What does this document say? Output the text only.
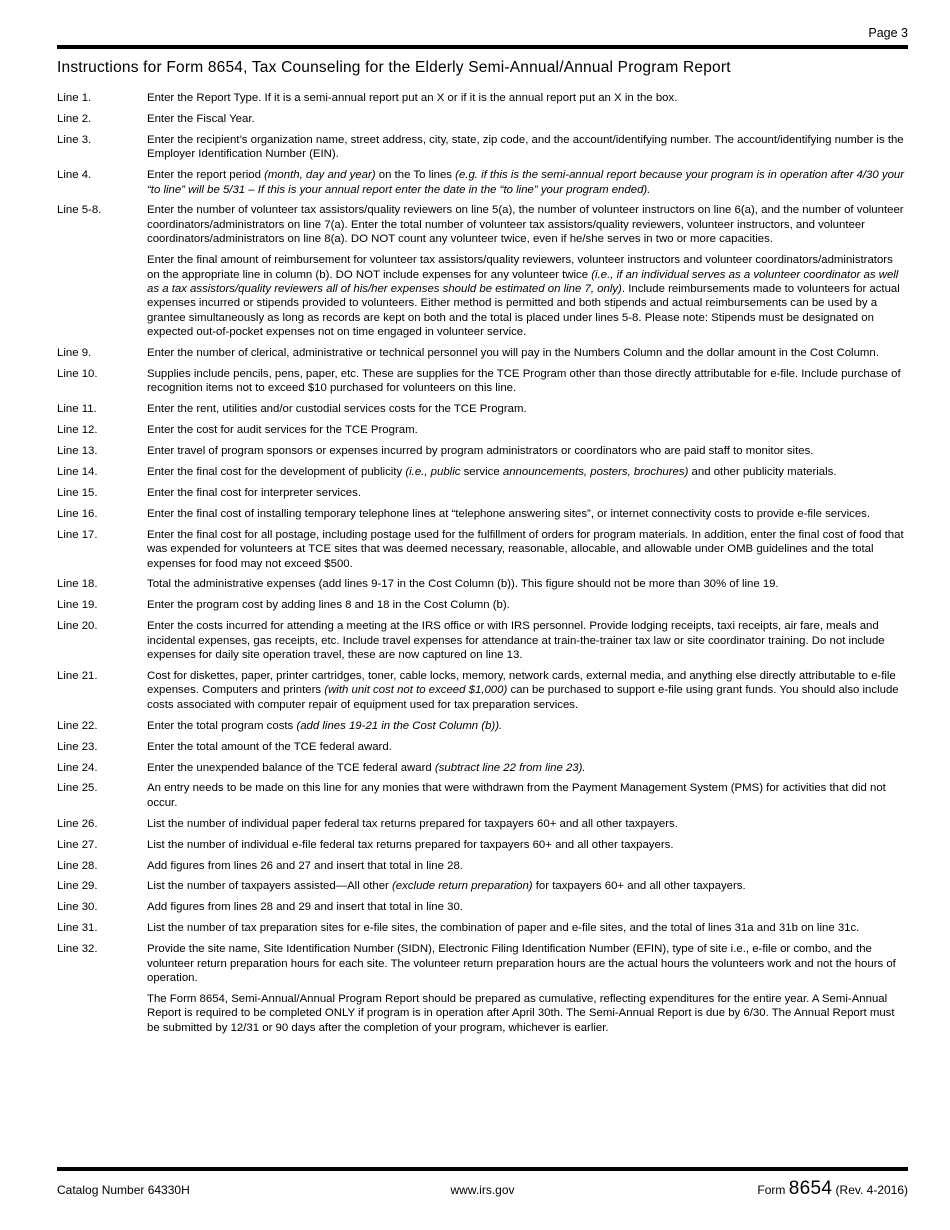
Page 3
Instructions for Form 8654, Tax Counseling for the Elderly Semi-Annual/Annual Program Report
Line 1.	Enter the Report Type. If it is a semi-annual report put an X or if it is the annual report put an X in the box.

Line 2.	Enter the Fiscal Year.

Line 3.	Enter the recipient’s organization name, street address, city, state, zip code, and the account/identifying number. The account/identifying number is the Employer Identification Number (EIN).

Line 4.	Enter the report period (month, day and year) on the To lines (e.g. if this is the semi-annual report because your program is in operation after 4/30 your “to line” will be 5/31 – If this is your annual report enter the date in the “to line” your program ended).

Line 5-8.	Enter the number of volunteer tax assistors/quality reviewers on line 5(a), the number of volunteer instructors on line 6(a), and the number of volunteer coordinators/administrators on line 7(a). Enter the total number of volunteer tax assistors/quality reviewers, volunteer instructors, and volunteer coordinators/administrators on line 8(a). DO NOT count any volunteer twice, even if he/she serves in two or more capacities.

Enter the final amount of reimbursement for volunteer tax assistors/quality reviewers, volunteer instructors and volunteer coordinators/administrators on the appropriate line in column (b). DO NOT include expenses for any volunteer twice (i.e., if an individual serves as a volunteer coordinator as well as a tax assistors/quality reviewers all of his/her expenses should be estimated on line 7, only). Include reimbursements made to volunteers for actual expenses incurred or stipends provided to volunteers. Either method is permitted and both stipends and actual reimbursements can be used by a grantee simultaneously as long as records are kept on both and the total is placed under lines 5-8. Please note: Stipends must be designated on expected out-of-pocket expenses not on time engaged in volunteer service.

Line 9.	Enter the number of clerical, administrative or technical personnel you will pay in the Numbers Column and the dollar amount in the Cost Column.

Line 10.	Supplies include pencils, pens, paper, etc. These are supplies for the TCE Program other than those directly attributable for e-file. Include purchase of recognition items not to exceed $10 purchased for volunteers on this line.

Line 11.	Enter the rent, utilities and/or custodial services costs for the TCE Program.

Line 12.	Enter the cost for audit services for the TCE Program.

Line 13.	Enter travel of program sponsors or expenses incurred by program administrators or coordinators who are paid staff to monitor sites.

Line 14.	Enter the final cost for the development of publicity (i.e., public service announcements, posters, brochures) and other publicity materials.

Line 15.	Enter the final cost for interpreter services.

Line 16.	Enter the final cost of installing temporary telephone lines at “telephone answering sites”, or internet connectivity costs to provide e-file services.

Line 17.	Enter the final cost for all postage, including postage used for the fulfillment of orders for program materials. In addition, enter the final cost of food that was expended for volunteers at TCE sites that was deemed necessary, reasonable, allocable, and allowable under OMB guidelines and the total expenses for food may not exceed $500.

Line 18.	Total the administrative expenses (add lines 9-17 in the Cost Column (b)). This figure should not be more than 30% of line 19.

Line 19.	Enter the program cost by adding lines 8 and 18 in the Cost Column (b).

Line 20.	Enter the costs incurred for attending a meeting at the IRS office or with IRS personnel. Provide lodging receipts, taxi receipts, air fare, meals and incidental expenses, gas receipts, etc. Include travel expenses for attendance at train-the-trainer tax law or site coordinator training. Do not include expenses for daily site operation travel, these are now captured on line 13.

Line 21.	Cost for diskettes, paper, printer cartridges, toner, cable locks, memory, network cards, external media, and anything else directly attributable to e-file expenses. Computers and printers (with unit cost not to exceed $1,000) can be purchased to support e-file using grant funds. You should also include costs associated with computer repair of equipment used for tax preparation services.

Line 22.	Enter the total program costs (add lines 19-21 in the Cost Column (b)).

Line 23.	Enter the total amount of the TCE federal award.

Line 24.	Enter the unexpended balance of the TCE federal award (subtract line 22 from line 23).

Line 25.	An entry needs to be made on this line for any monies that were withdrawn from the Payment Management System (PMS) for activities that did not occur.

Line 26.	List the number of individual paper federal tax returns prepared for taxpayers 60+ and all other taxpayers.

Line 27.	List the number of individual e-file federal tax returns prepared for taxpayers 60+ and all other taxpayers.

Line 28.	Add figures from lines 26 and 27 and insert that total in line 28.

Line 29.	List the number of taxpayers assisted—All other (exclude return preparation) for taxpayers 60+ and all other taxpayers.

Line 30.	Add figures from lines 28 and 29 and insert that total in line 30.

Line 31.	List the number of tax preparation sites for e-file sites, the combination of paper and e-file sites, and the total of lines 31a and 31b on line 31c.

Line 32.	Provide the site name, Site Identification Number (SIDN), Electronic Filing Identification Number (EFIN), type of site i.e., e-file or combo, and the volunteer return preparation hours for each site. The volunteer return preparation hours are the actual hours the volunteers work and not the hours of operation.

The Form 8654, Semi-Annual/Annual Program Report should be prepared as cumulative, reflecting expenditures for the entire year. A Semi-Annual Report is required to be completed ONLY if program is in operation after April 30th. The Semi-Annual Report is due by 6/30. The Annual Report must be submitted by 12/31 or 90 days after the completion of your program, whichever is earlier.

Catalog Number 64330H	www.irs.gov	Form 8654 (Rev. 4-2016)
